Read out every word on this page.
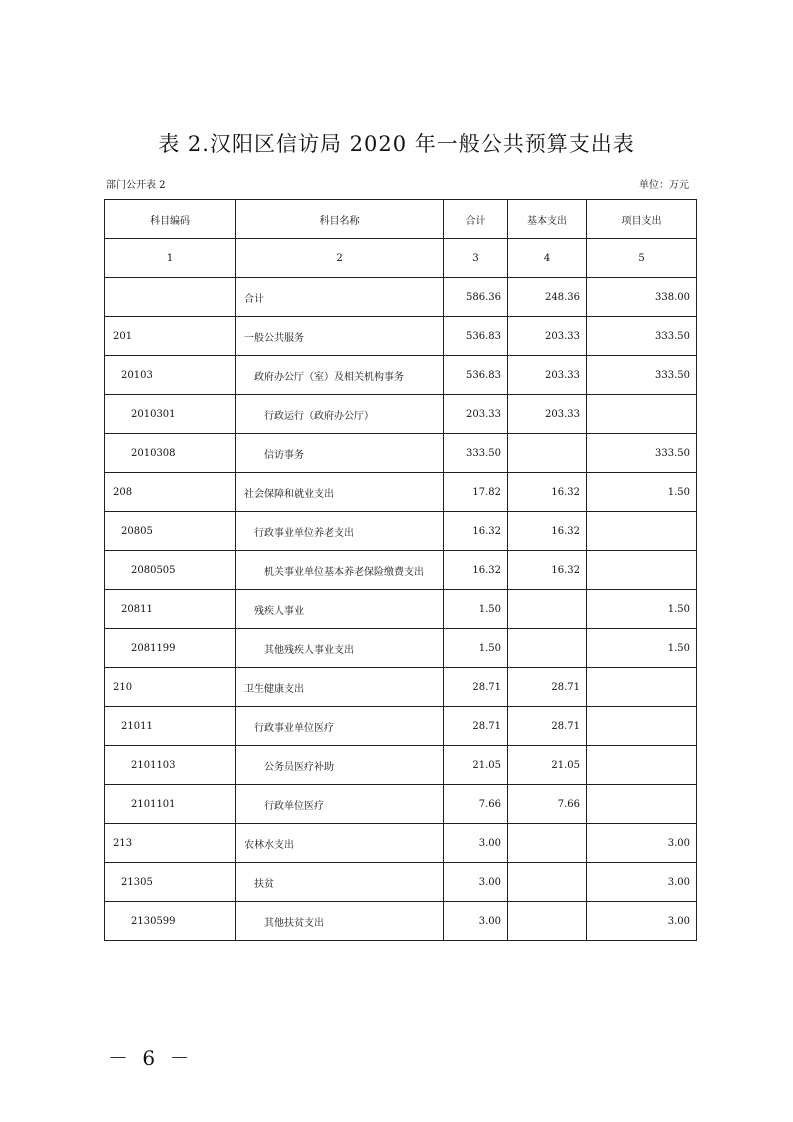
表 2.汉阳区信访局 2020 年一般公共预算支出表
部门公开表 2	单位：万元
科目编码	科目名称	合计	基本支出	项目支出
1	2	3	4	5
	合计	586.36	248.36	338.00
201	一般公共服务	536.83	203.33	333.50
20103	政府办公厅（室）及相关机构事务	536.83	203.33	333.50
2010301	行政运行（政府办公厅）	203.33	203.33	
2010308	信访事务	333.50		333.50
208	社会保障和就业支出	17.82	16.32	1.50
20805	行政事业单位养老支出	16.32	16.32	
2080505	机关事业单位基本养老保险缴费支出	16.32	16.32	
20811	残疾人事业	1.50		1.50
2081199	其他残疾人事业支出	1.50		1.50
210	卫生健康支出	28.71	28.71	
21011	行政事业单位医疗	28.71	28.71	
2101103	公务员医疗补助	21.05	21.05	
2101101	行政单位医疗	7.66	7.66	
213	农林水支出	3.00		3.00
21305	扶贫	3.00		3.00
2130599	其他扶贫支出	3.00		3.00
－ 6 －
